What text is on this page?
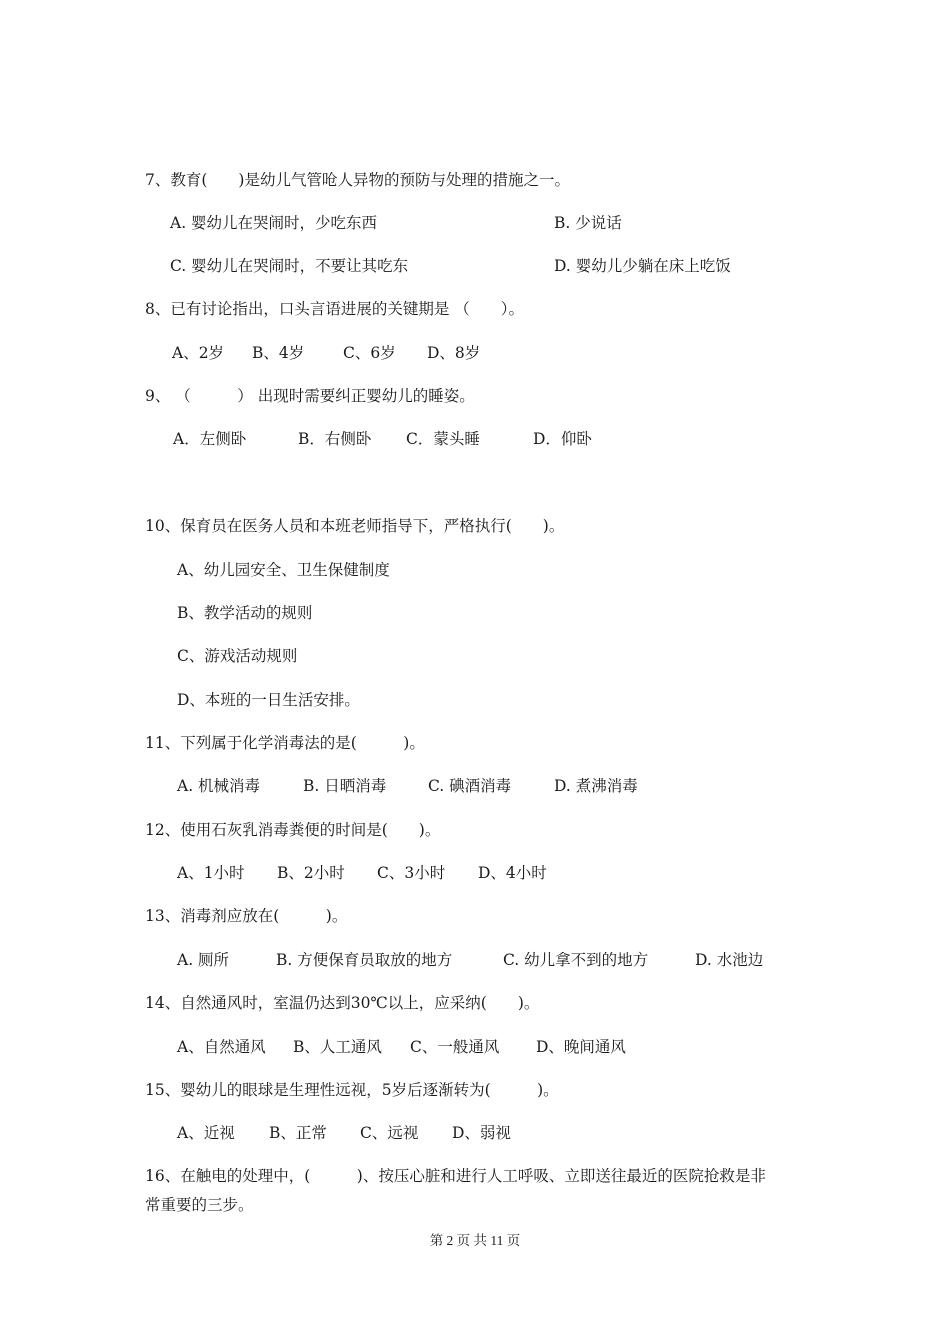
7、教育(　　)是幼儿气管呛人异物的预防与处理的措施之一。
A. 婴幼儿在哭闹时，少吃东西	B. 少说话
C. 婴幼儿在哭闹时，不要让其吃东	D. 婴幼儿少躺在床上吃饭
8、已有讨论指出，口头言语进展的关键期是 （　　）。
A、2岁 B、4岁 C、6岁 D、8岁
9、 （　　　） 出现时需要纠正婴幼儿的睡姿。
A．左侧卧	B．右侧卧 C．蒙头睡	D．仰卧
10、保育员在医务人员和本班老师指导下，严格执行(　　)。
A、幼儿园安全、卫生保健制度
B、教学活动的规则
C、游戏活动规则
D、本班的一日生活安排。
11、下列属于化学消毒法的是(　　　)。
A. 机械消毒	B. 日晒消毒	C. 碘酒消毒	D. 煮沸消毒
12、使用石灰乳消毒粪便的时间是(　　)。
A、1小时 B、2小时 C、3小时 D、4小时
13、消毒剂应放在(　　　)。
A. 厕所	B. 方便保育员取放的地方	C. 幼儿拿不到的地方	D. 水池边
14、自然通风时，室温仍达到30℃以上，应采纳(　　)。
A、自然通风 B、人工通风 C、一般通风 D、晚间通风
15、婴幼儿的眼球是生理性远视，5岁后逐渐转为(　　　)。
A、近视 B、正常 C、远视 D、弱视
16、在触电的处理中，(　　　)、按压心脏和进行人工呼吸、立即送往最近的医院抢救是非
常重要的三步。
第 2 页 共 11 页
